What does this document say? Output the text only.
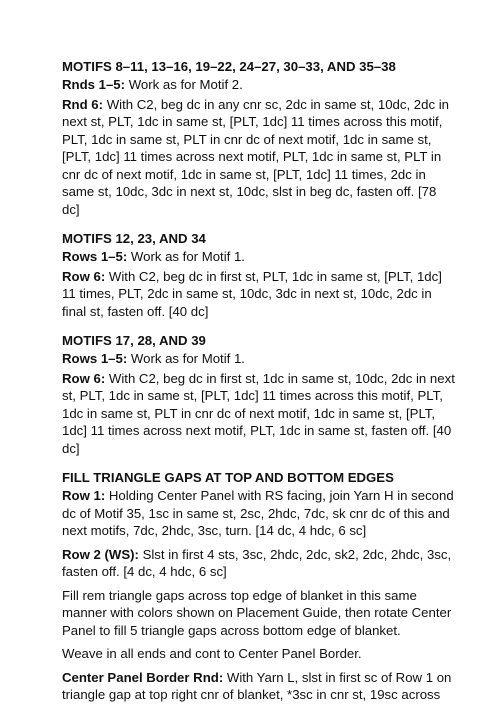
MOTIFS 8–11, 13–16, 19–22, 24–27, 30–33, AND 35–38

Rnds 1–5: Work as for Motif 2.

Rnd 6: With C2, beg dc in any cnr sc, 2dc in same st, 10dc, 2dc in next st, PLT, 1dc in same st, [PLT, 1dc] 11 times across this motif, PLT, 1dc in same st, PLT in cnr dc of next motif, 1dc in same st, [PLT, 1dc] 11 times across next motif, PLT, 1dc in same st, PLT in cnr dc of next motif, 1dc in same st, [PLT, 1dc] 11 times, 2dc in same st, 10dc, 3dc in next st, 10dc, slst in beg dc, fasten off. [78 dc]

MOTIFS 12, 23, AND 34

Rows 1–5: Work as for Motif 1.

Row 6: With C2, beg dc in first st, PLT, 1dc in same st, [PLT, 1dc] 11 times, PLT, 2dc in same st, 10dc, 3dc in next st, 10dc, 2dc in final st, fasten off. [40 dc]

MOTIFS 17, 28, AND 39

Rows 1–5: Work as for Motif 1.

Row 6: With C2, beg dc in first st, 1dc in same st, 10dc, 2dc in next st, PLT, 1dc in same st, [PLT, 1dc] 11 times across this motif, PLT, 1dc in same st, PLT in cnr dc of next motif, 1dc in same st, [PLT, 1dc] 11 times across next motif, PLT, 1dc in same st, fasten off. [40 dc]

FILL TRIANGLE GAPS AT TOP AND BOTTOM EDGES

Row 1: Holding Center Panel with RS facing, join Yarn H in second dc of Motif 35, 1sc in same st, 2sc, 2hdc, 7dc, sk cnr dc of this and next motifs, 7dc, 2hdc, 3sc, turn. [14 dc, 4 hdc, 6 sc]

Row 2 (WS): Slst in first 4 sts, 3sc, 2hdc, 2dc, sk2, 2dc, 2hdc, 3sc, fasten off. [4 dc, 4 hdc, 6 sc]

Fill rem triangle gaps across top edge of blanket in this same manner with colors shown on Placement Guide, then rotate Center Panel to fill 5 triangle gaps across bottom edge of blanket.

Weave in all ends and cont to Center Panel Border.

Center Panel Border Rnd: With Yarn L, slst in first sc of Row 1 on triangle gap at top right cnr of blanket, *3sc in cnr st, 19sc across
